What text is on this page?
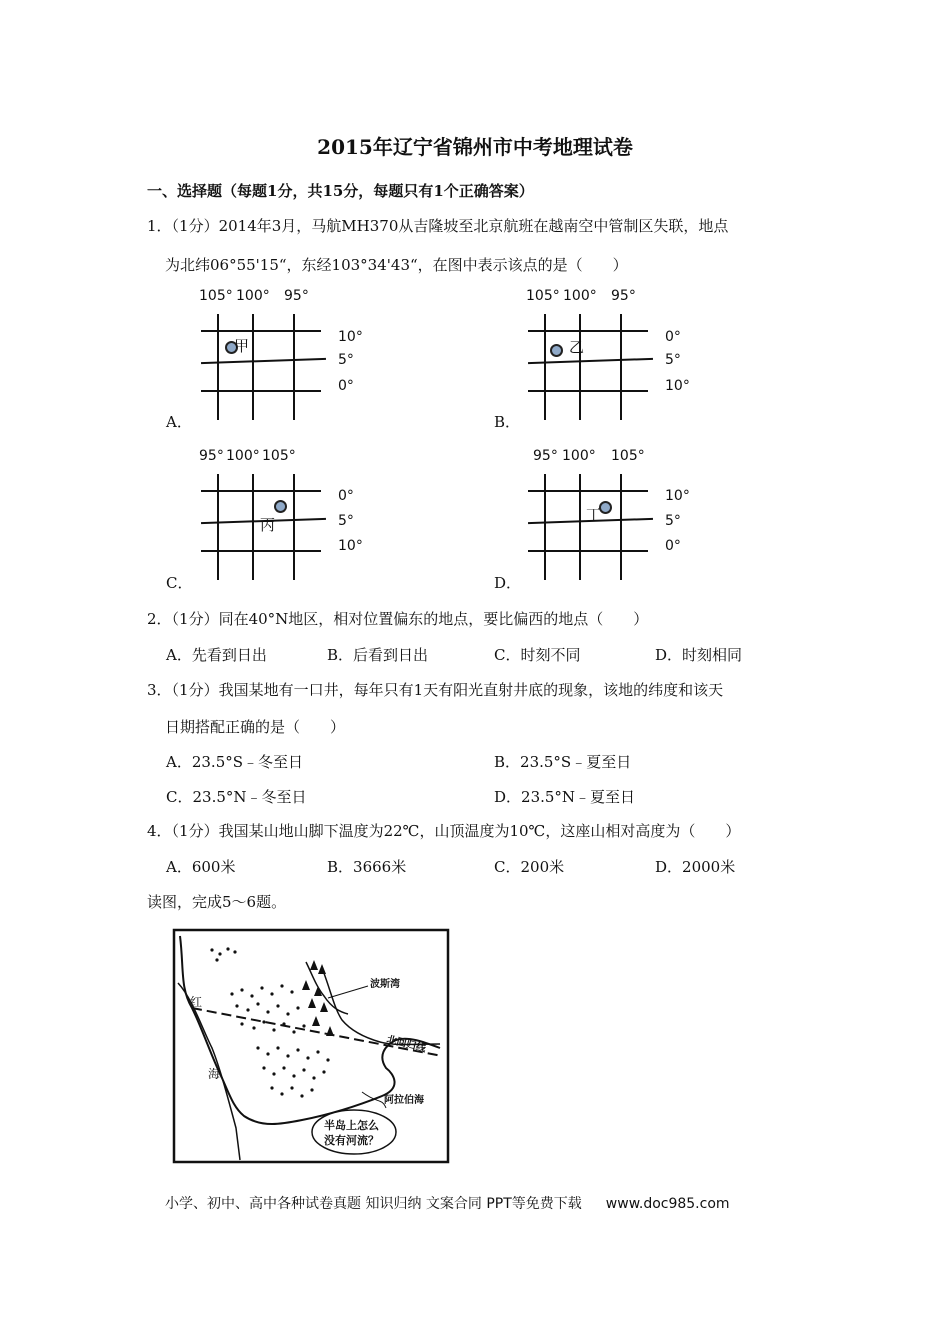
2015年辽宁省锦州市中考地理试卷
一、选择题（每题1分，共15分，每题只有1个正确答案）
1．（1分）2014年3月，马航MH370从吉隆坡至北京航班在越南空中管制区失联，地点
为北纬06°55'15“，东经103°34'43“，在图中表示该点的是（　　）
105° 100° 95°
10°
5°
0°
甲
A．
105° 100° 95°
0°
5°
10°
乙
B．
95° 100° 105°
0°
5°
10°
丙
C．
95° 100° 105°
10°
5°
0°
丁
D．
2．（1分）同在40°N地区，相对位置偏东的地点，要比偏西的地点（　　）
A．先看到日出	B．后看到日出	C．时刻不同	D．时刻相同
3．（1分）我国某地有一口井，每年只有1天有阳光直射井底的现象，该地的纬度和该天
日期搭配正确的是（　　）
A．23.5°S﹣冬至日	B．23.5°S﹣夏至日
C．23.5°N﹣冬至日	D．23.5°N﹣夏至日
4．（1分）我国某山地山脚下温度为22℃，山顶温度为10℃，这座山相对高度为（　　）
A．600米	B．3666米	C．200米	D．2000米
读图，完成5～6题。
红
海
波斯湾
北回归线
阿拉伯海
半岛上怎么
没有河流？
小学、初中、高中各种试卷真题 知识归纳 文案合同 PPT等免费下载 www.doc985.com
